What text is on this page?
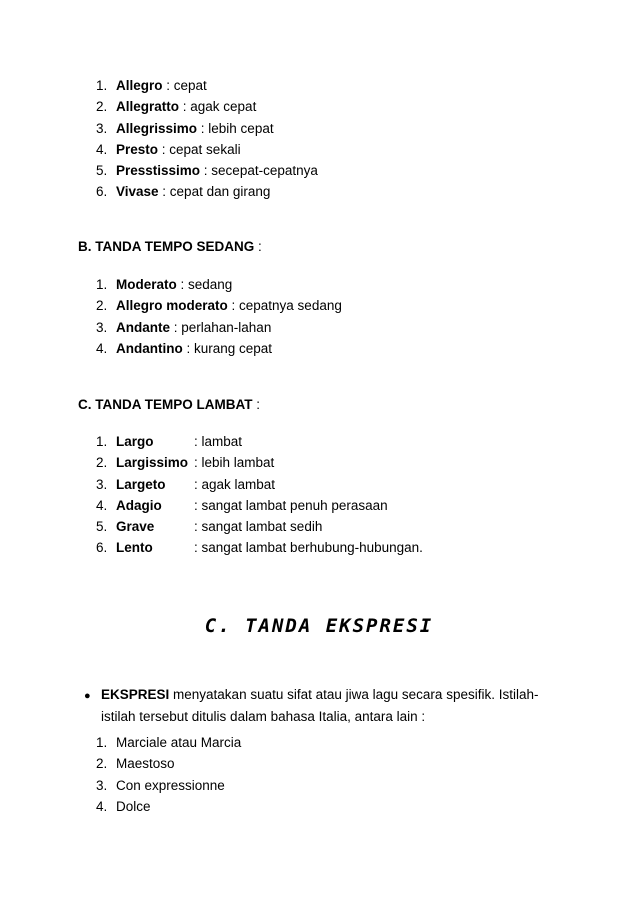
1. Allegro : cepat
2. Allegratto : agak cepat
3. Allegrissimo : lebih cepat
4. Presto : cepat sekali
5. Presstissimo : secepat-cepatnya
6. Vivase : cepat dan girang
B. TANDA TEMPO SEDANG :
1. Moderato : sedang
2. Allegro moderato : cepatnya sedang
3. Andante : perlahan-lahan
4. Andantino : kurang cepat
C. TANDA TEMPO LAMBAT :
1. Largo	: lambat
2. Largissimo : lebih lambat
3. Largeto : agak lambat
4. Adagio : sangat lambat penuh perasaan
5. Grave	: sangat lambat sedih
6. Lento	: sangat lambat berhubung-hubungan.
C. TANDA EKSPRESI
● EKSPRESI menyatakan suatu sifat atau jiwa lagu secara spesifik. Istilah-istilah tersebut ditulis dalam bahasa Italia, antara lain :
1. Marciale atau Marcia
2. Maestoso
3. Con expressionne
4. Dolce
